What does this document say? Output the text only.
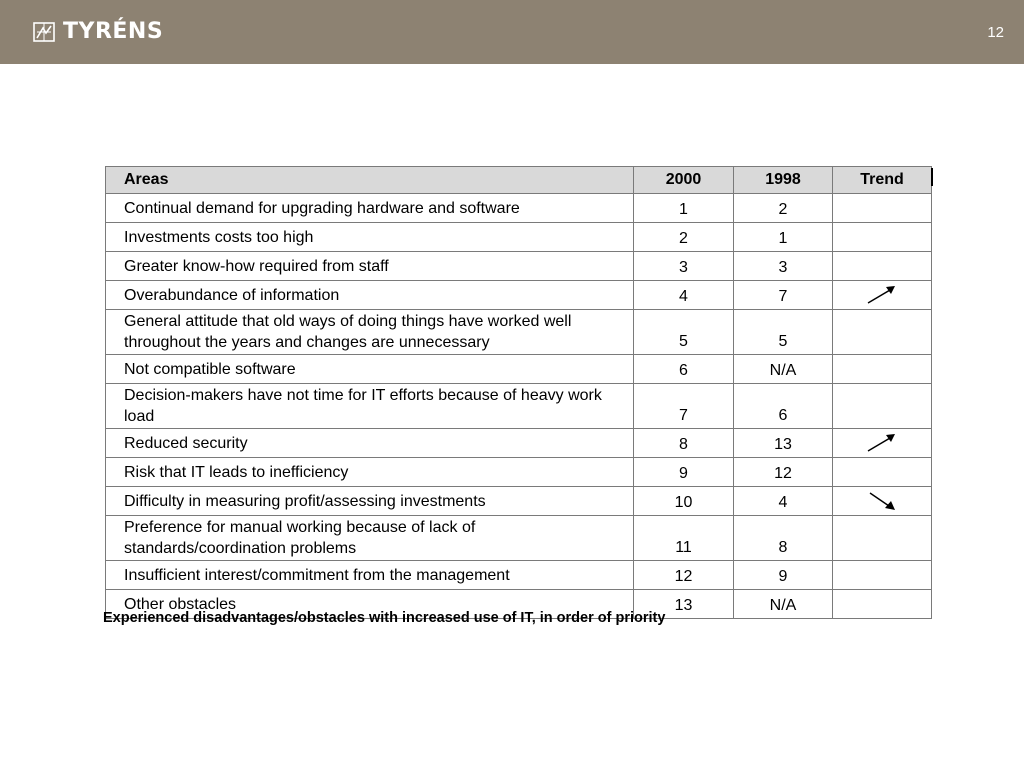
TYRÉNS	12
Areas	2000	1998	Trend
Continual demand for upgrading hardware and software	1	2	
Investments costs too high	2	1	
Greater know-how required from staff	3	3	
Overabundance of information	4	7	

General attitude that old ways of doing things have worked well throughout the years and changes are unnecessary	5	5	
Not compatible software	6	N/A	
Decision-makers have not time for IT efforts because of heavy work load	7	6	
Reduced security	8	13	

Risk that IT leads to inefficiency	9	12	
Difficulty in measuring profit/assessing investments	10	4	

Preference for manual working because of lack of standards/coordination problems	11	8	
Insufficient interest/commitment from the management	12	9	
Other obstacles	13	N/A	
Experienced disadvantages/obstacles with increased use of IT, in order of priority
